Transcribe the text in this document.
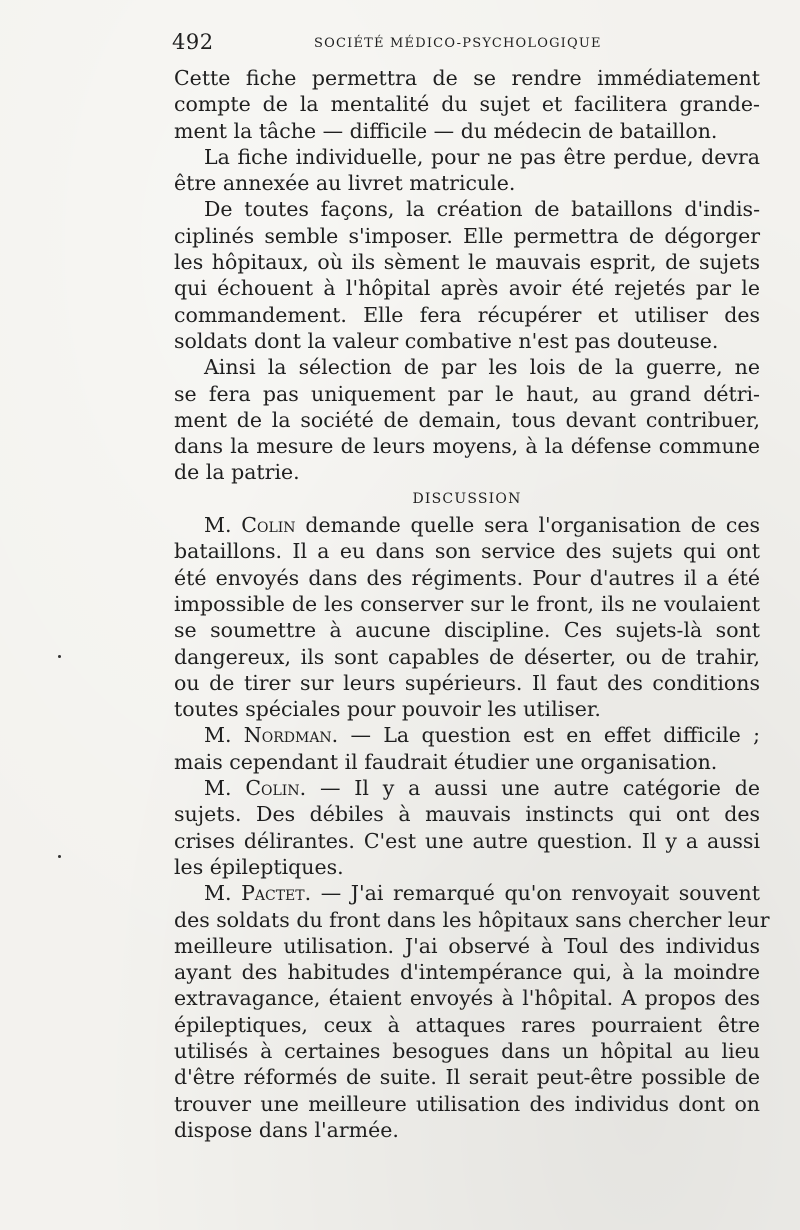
492	SOCIÉTÉ MÉDICO-PSYCHOLOGIQUE
Cette fiche permettra de se rendre immédiatement
compte de la mentalité du sujet et facilitera grande-
ment la tâche — difficile — du médecin de bataillon.
La fiche individuelle, pour ne pas être perdue, devra
être annexée au livret matricule.
De toutes façons, la création de bataillons d'indis-
ciplinés semble s'imposer. Elle permettra de dégorger
les hôpitaux, où ils sèment le mauvais esprit, de sujets
qui échouent à l'hôpital après avoir été rejetés par le
commandement. Elle fera récupérer et utiliser des
soldats dont la valeur combative n'est pas douteuse.
Ainsi la sélection de par les lois de la guerre, ne
se fera pas uniquement par le haut, au grand détri-
ment de la société de demain, tous devant contribuer,
dans la mesure de leurs moyens, à la défense commune
de la patrie.
DISCUSSION
M. Colin demande quelle sera l'organisation de ces
bataillons. Il a eu dans son service des sujets qui ont
été envoyés dans des régiments. Pour d'autres il a été
impossible de les conserver sur le front, ils ne voulaient
se soumettre à aucune discipline. Ces sujets-là sont
dangereux, ils sont capables de déserter, ou de trahir,
ou de tirer sur leurs supérieurs. Il faut des conditions
toutes spéciales pour pouvoir les utiliser.
M. Nordman. — La question est en effet difficile ;
mais cependant il faudrait étudier une organisation.
M. Colin. — Il y a aussi une autre catégorie de
sujets. Des débiles à mauvais instincts qui ont des
crises délirantes. C'est une autre question. Il y a aussi
les épileptiques.
M. Pactet. — J'ai remarqué qu'on renvoyait souvent
des soldats du front dans les hôpitaux sans chercher leur
meilleure utilisation. J'ai observé à Toul des individus
ayant des habitudes d'intempérance qui, à la moindre
extravagance, étaient envoyés à l'hôpital. A propos des
épileptiques, ceux à attaques rares pourraient être
utilisés à certaines besogues dans un hôpital au lieu
d'être réformés de suite. Il serait peut-être possible de
trouver une meilleure utilisation des individus dont on
dispose dans l'armée.
